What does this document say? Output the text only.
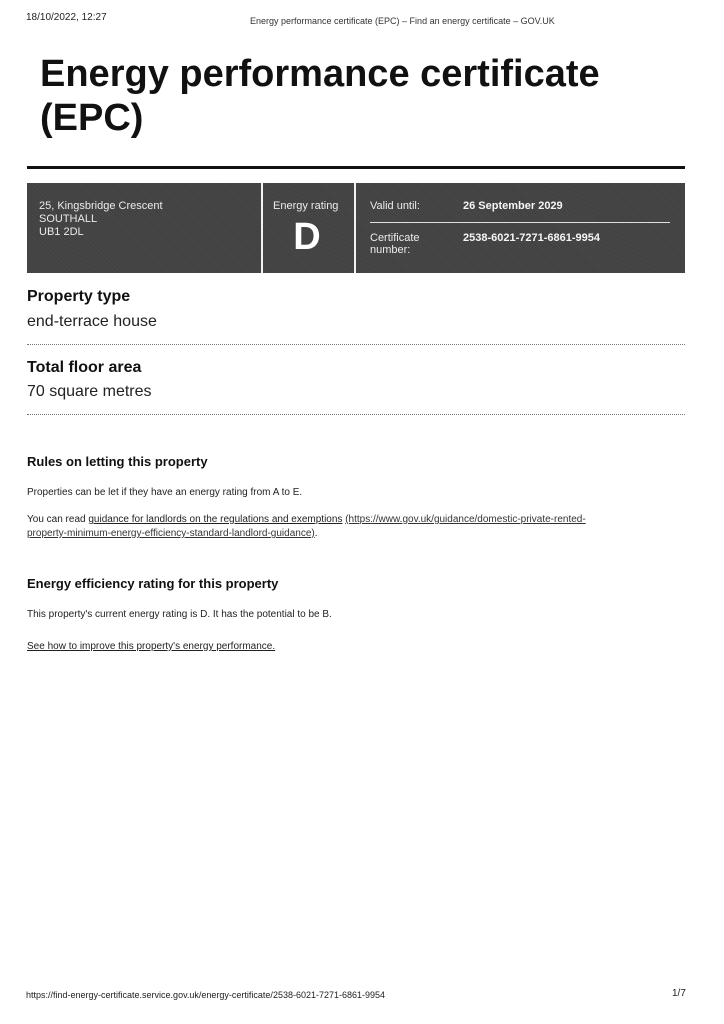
18/10/2022, 12:27	Energy performance certificate (EPC) – Find an energy certificate – GOV.UK
Energy performance certificate (EPC)
25, Kingsbridge Crescent
SOUTHALL
UB1 2DL
Energy rating
D
Valid until:	26 September 2029
Certificate
number:
2538-6021-7271-6861-9954
Property type
end-terrace house
Total floor area
70 square metres
Rules on letting this property
Properties can be let if they have an energy rating from A to E.
You can read guidance for landlords on the regulations and exemptions (https://www.gov.uk/guidance/domestic-private-rented-
property-minimum-energy-efficiency-standard-landlord-guidance).
Energy efficiency rating for this property
This property's current energy rating is D. It has the potential to be B.
See how to improve this property's energy performance.
https://find-energy-certificate.service.gov.uk/energy-certificate/2538-6021-7271-6861-9954	1/7
